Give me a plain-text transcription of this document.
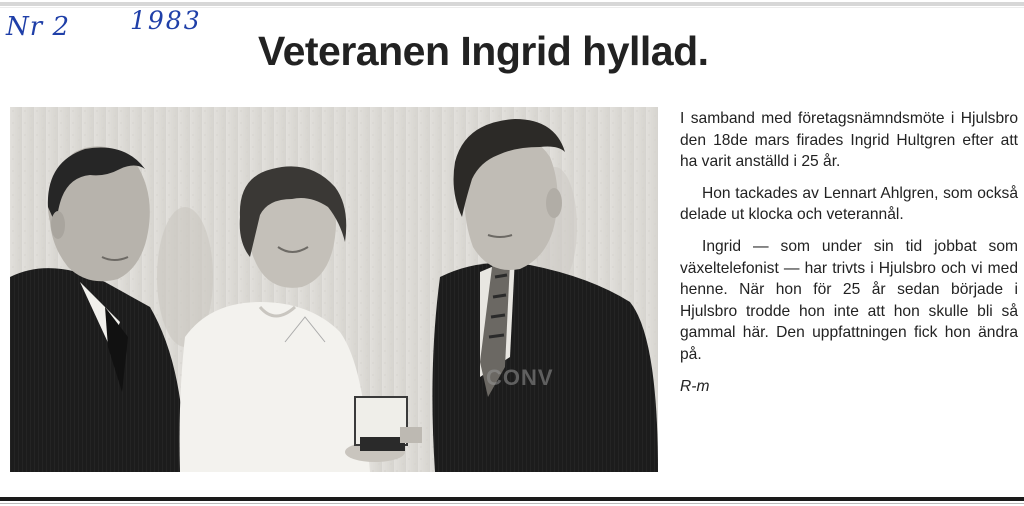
Nr 2 1983
Veteranen Ingrid hyllad.
CONV

I samband med företagsnämndsmöte i Hjulsbro den 18de mars firades Ingrid Hultgren efter att ha varit anställd i 25 år.

Hon tackades av Lennart Ahlgren, som också delade ut klocka och veterannål.

Ingrid — som under sin tid jobbat som växeltelefonist — har trivts i Hjulsbro och vi med henne. När hon för 25 år sedan började i Hjulsbro trodde hon inte att hon skulle bli så gammal här. Den uppfattningen fick hon ändra på.

R-m
